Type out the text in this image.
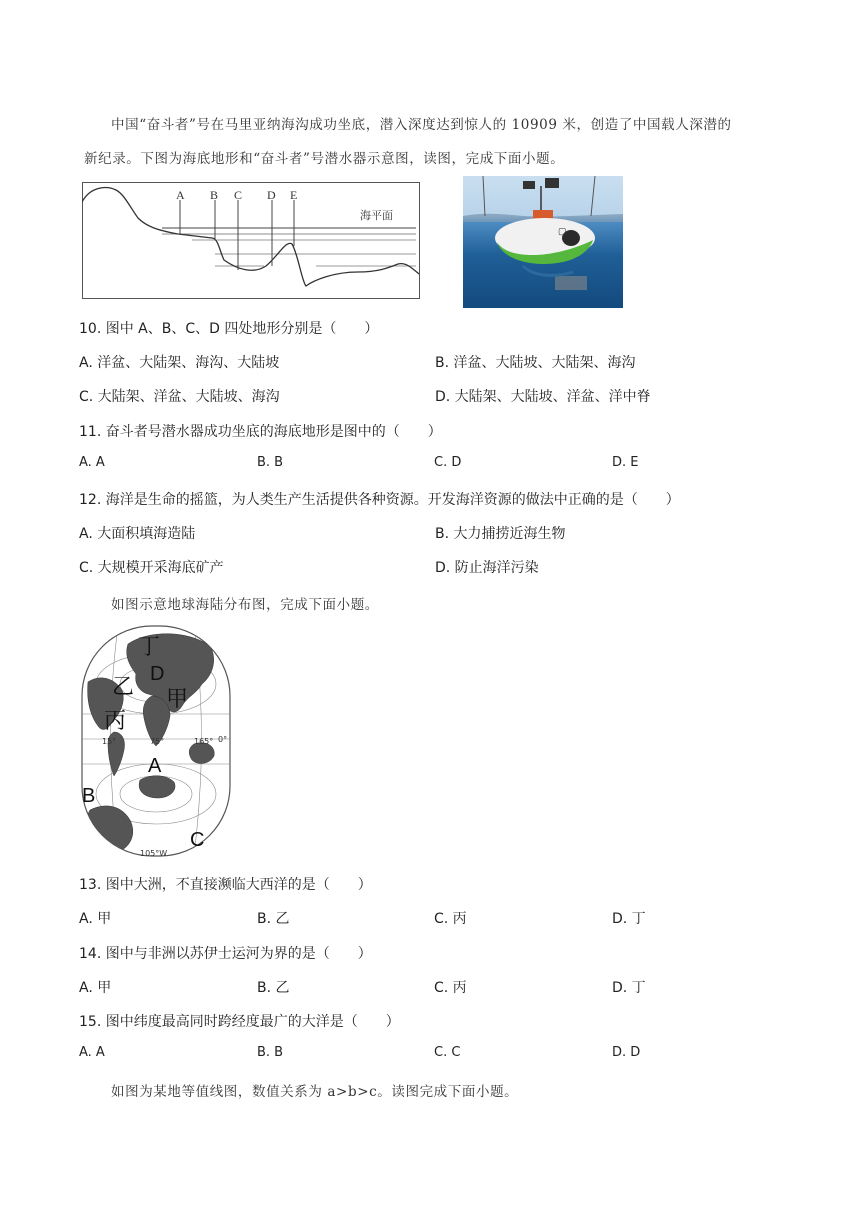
中国“奋斗者”号在马里亚纳海沟成功坐底，潜入深度达到惊人的 10909 米，创造了中国载人深潜的
新纪录。下图为海底地形和“奋斗者”号潜水器示意图，读图，完成下面小题。
A B C D E
海平面
▢
10. 图中 A、B、C、D 四处地形分别是（　　）
A. 洋盆、大陆架、海沟、大陆坡	B. 洋盆、大陆坡、大陆架、海沟
C. 大陆架、洋盆、大陆坡、海沟	D. 大陆架、大陆坡、洋盆、洋中脊
11. 奋斗者号潜水器成功坐底的海底地形是图中的（　　）
A. A	B. B	C. D	D. E
12. 海洋是生命的摇篮，为人类生产生活提供各种资源。开发海洋资源的做法中正确的是（　　）
A. 大面积填海造陆	B. 大力捕捞近海生物
C. 大规模开采海底矿产	D. 防止海洋污染
如图示意地球海陆分布图，完成下面小题。
丁
乙 甲
丙
D
A
B
C
75°
15°	165° 0°
105°W
13. 图中大洲，不直接濒临大西洋的是（　　）
A. 甲	B. 乙	C. 丙	D. 丁
14. 图中与非洲以苏伊士运河为界的是（　　）
A. 甲	B. 乙	C. 丙	D. 丁
15. 图中纬度最高同时跨经度最广的大洋是（　　）
A. A	B. B	C. C	D. D
如图为某地等值线图，数值关系为 a>b>c。读图完成下面小题。
